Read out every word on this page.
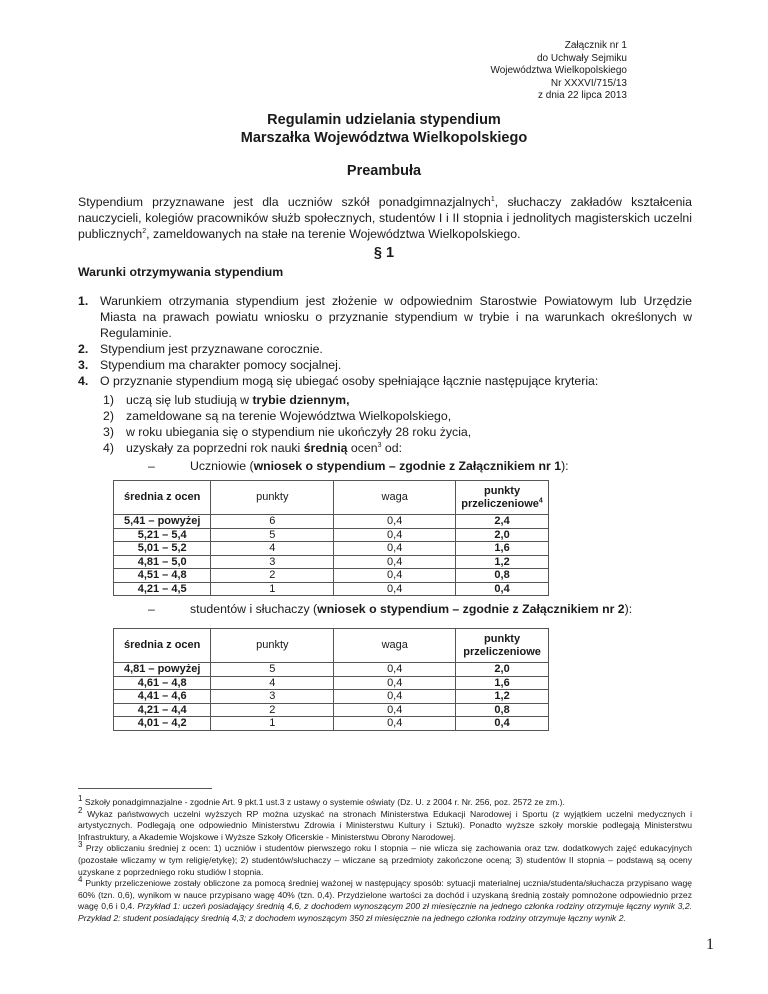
Załącznik nr 1
do Uchwały Sejmiku
Województwa Wielkopolskiego
Nr XXXVI/715/13
z dnia 22 lipca 2013
Regulamin udzielania stypendium
Marszałka Województwa Wielkopolskiego
Preambuła
Stypendium przyznawane jest dla uczniów szkół ponadgimnazjalnych$^1$, słuchaczy zakładów kształcenia nauczycieli, kolegiów pracowników służb społecznych, studentów I i II stopnia i jednolitych magisterskich uczelni publicznych$^2$, zameldowanych na stałe na terenie Województwa Wielkopolskiego.
§ 1
Warunki otrzymywania stypendium
1. Warunkiem otrzymania stypendium jest złożenie w odpowiednim Starostwie Powiatowym lub Urzędzie Miasta na prawach powiatu wniosku o przyznanie stypendium w trybie i na warunkach określonych w Regulaminie.
2. Stypendium jest przyznawane corocznie.
3. Stypendium ma charakter pomocy socjalnej.
4. O przyznanie stypendium mogą się ubiegać osoby spełniające łącznie następujące kryteria:
1) uczą się lub studiują w trybie dziennym,
2) zameldowane są na terenie Województwa Wielkopolskiego,
3) w roku ubiegania się o stypendium nie ukończyły 28 roku życia,
4) uzyskały za poprzedni rok nauki średnią ocen$^3$ od:
–	Uczniowie (wniosek o stypendium – zgodnie z Załącznikiem nr 1):
średnia z ocen	punkty	waga	punkty przeliczeniowe$^4$
5,41 – powyżej	6	0,4	2,4
5,21 – 5,4	5	0,4	2,0
5,01 – 5,2	4	0,4	1,6
4,81 – 5,0	3	0,4	1,2
4,51 – 4,8	2	0,4	0,8
4,21 – 4,5	1	0,4	0,4
–	studentów i słuchaczy (wniosek o stypendium – zgodnie z Załącznikiem nr 2):
średnia z ocen	punkty	waga	punkty przeliczeniowe
4,81 – powyżej	5	0,4	2,0
4,61 – 4,8	4	0,4	1,6
4,41 – 4,6	3	0,4	1,2
4,21 – 4,4	2	0,4	0,8
4,01 – 4,2	1	0,4	0,4

$^1$ Szkoły ponadgimnazjalne - zgodnie Art. 9 pkt.1 ust.3 z ustawy o systemie oświaty (Dz. U. z 2004 r. Nr. 256, poz. 2572 ze zm.).

$^2$ Wykaz państwowych uczelni wyższych RP można uzyskać na stronach Ministerstwa Edukacji Narodowej i Sportu (z wyjątkiem uczelni medycznych i artystycznych. Podlegają one odpowiednio Ministerstwu Zdrowia i Ministerstwu Kultury i Sztuki). Ponadto wyższe szkoły morskie podlegają Ministerstwu Infrastruktury, a Akademie Wojskowe i Wyższe Szkoły Oficerskie - Ministerstwu Obrony Narodowej.

$^3$ Przy obliczaniu średniej z ocen: 1) uczniów i studentów pierwszego roku I stopnia – nie wlicza się zachowania oraz tzw. dodatkowych zajęć edukacyjnych (pozostałe wliczamy w tym religię/etykę); 2) studentów/słuchaczy – wliczane są przedmioty zakończone oceną; 3) studentów II stopnia – podstawą są oceny uzyskane z poprzedniego roku studiów I stopnia.

$^4$ Punkty przeliczeniowe zostały obliczone za pomocą średniej ważonej w następujący sposób: sytuacji materialnej ucznia/studenta/słuchacza przypisano wagę 60% (tzn. 0,6), wynikom w nauce przypisano wagę 40% (tzn. 0,4). Przydzielone wartości za dochód i uzyskaną średnią zostały pomnożone odpowiednio przez wagę 0,6 i 0,4. Przykład 1: uczeń posiadający średnią 4,6, z dochodem wynoszącym 200 zł miesięcznie na jednego członka rodziny otrzymuje łączny wynik 3,2. Przykład 2: student posiadający średnią 4,3; z dochodem wynoszącym 350 zł miesięcznie na jednego członka rodziny otrzymuje łączny wynik 2.

1
